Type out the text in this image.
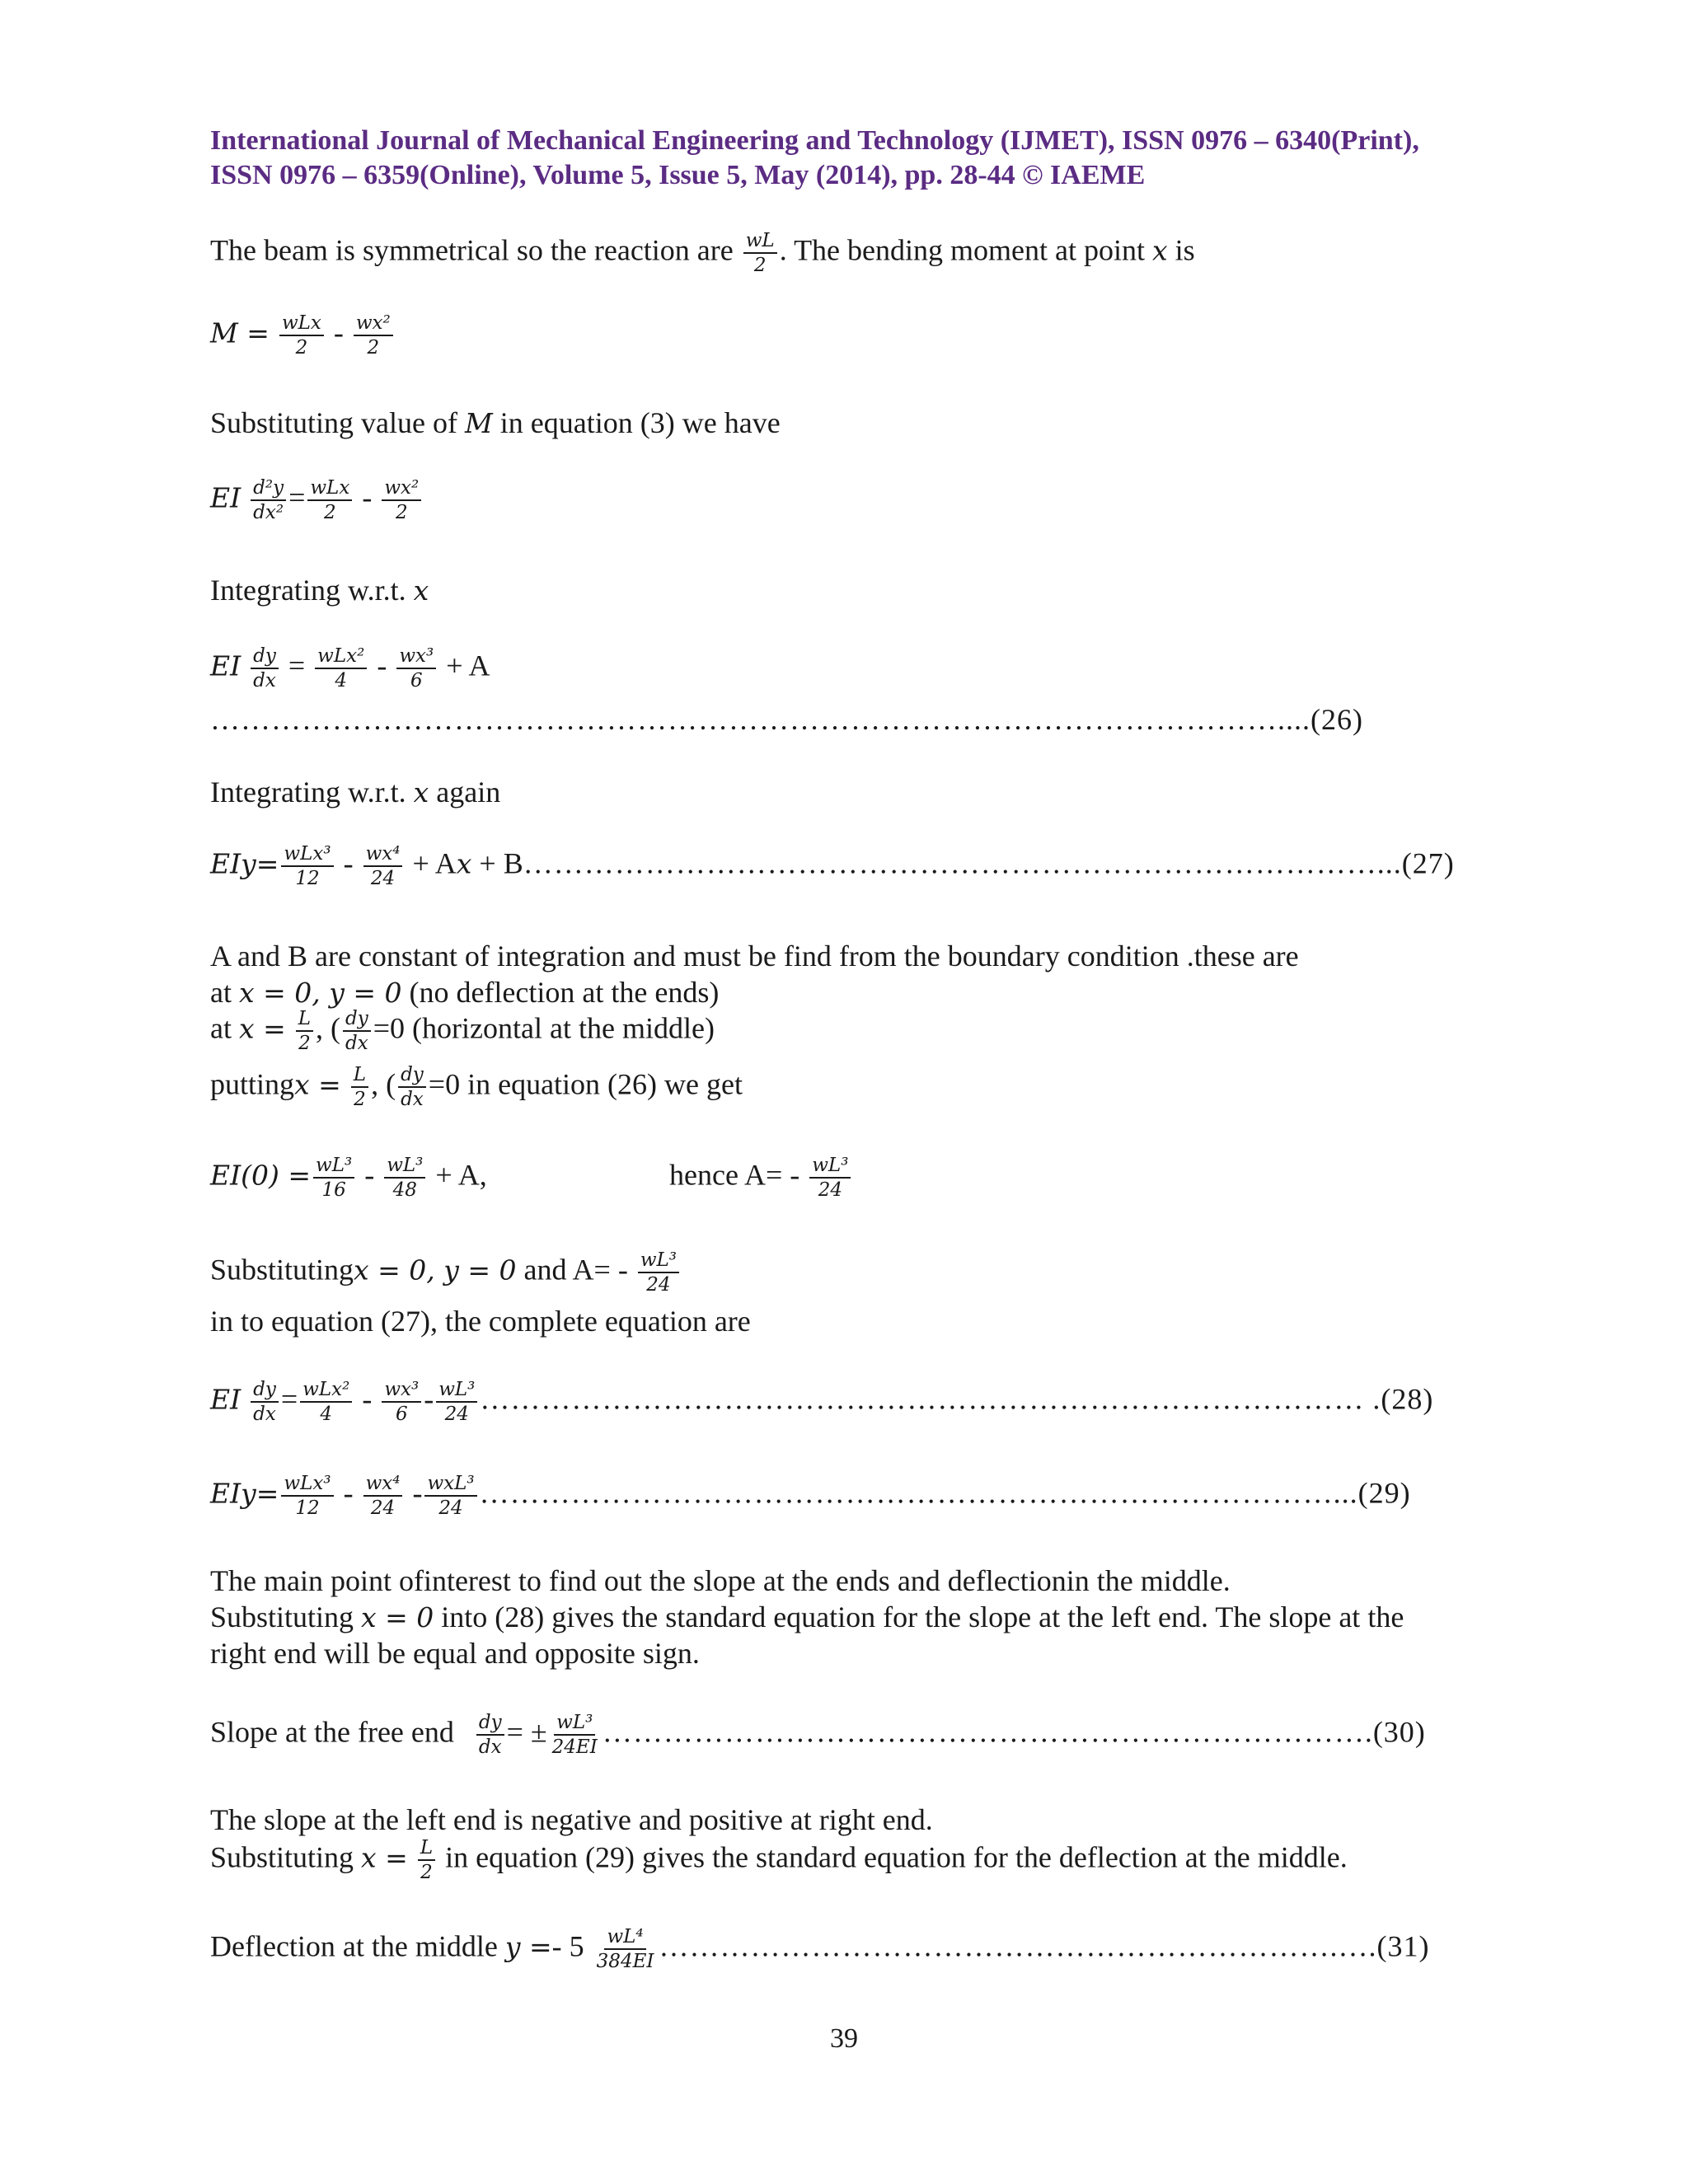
International Journal of Mechanical Engineering and Technology (IJMET), ISSN 0976 – 6340(Print),
ISSN 0976 – 6359(Online), Volume 5, Issue 5, May (2014), pp. 28-44 © IAEME
The beam is symmetrical so the reaction are $\frac{wL}{2}$ . The bending moment at point x is
M = wLx
$2 - \frac{\text{wx²}}{2}$
Substituting value of M in equation (3) we have
EI $\frac{\text{d²y}}{\text{dx²}}$ = wLx
$2 - \frac{\text{wx²}}{2}$
Integrating w.r.t. x
EI $\frac{dy}{dx} = wLx^2$
$4 - \frac{\text{wx³}}{6} + A$
……………………………………………………………………………………………....(26)
Integrating w.r.t. x again
EIy= wLx³
$12 - \frac{\text{wx⁴}}{24} + Ax$ + B…………………………………………………………………………...(27)
A and B are constant of integration and must be find from the boundary condition .these are
at x = 0, y = 0 (no deflection at the ends)
at $x = \frac{L}{2}$ , ( $\frac{dy}{dx} =0$ (horizontal at the middle)
puttingx = $\frac{L}{2}$ , ( $\frac{dy}{dx} =0$ in equation (26) we get
$EI(0) = \frac{\text{wL³}}{16} - \frac{\text{wL³}}{48} + A$,	hence $A= - \frac{\text{wL³}}{24}$
Substitutingx = 0, y = 0 and $A= - \frac{\text{wL³}}{24}$
in to equation (27), the complete equation are
EI $\frac{dy}{dx} = wLx^2$
$4 - \frac{\text{wx³}}{6} - \frac{\text{wL³}}{24}$ …………………………………………………………………………… .(28)
EIy= wLx³
$12 - \frac{\text{wx⁴}}{24} - wxL^3$
24 …………………………………………………………………………...(29)
The main point ofinterest to find out the slope at the ends and deflectionin the middle.
Substituting x = 0 into (28) gives the standard equation for the slope at the left end. The slope at the
right end will be equal and opposite sign.
Slope at the free end $\frac{dy}{dx}$ = ± $\frac{\text{wL³}}{24EI}$ ………………………………………………………………….(30)
The slope at the left end is negative and positive at right end.
Substituting $x = \frac{L}{2}$ in equation (29) gives the standard equation for the deflection at the middle.
Deflection at the middle $y =- 5 \frac{\text{wL⁴}}{384EI}$ ………………………………………………………….….(31)
39
